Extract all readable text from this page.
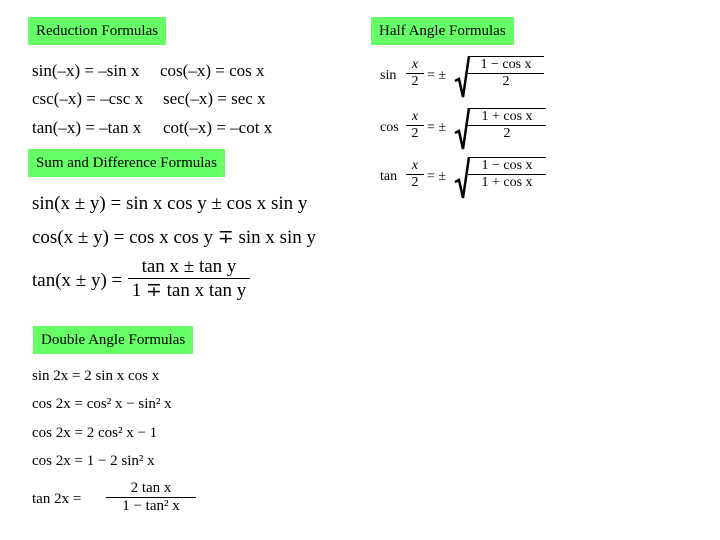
Reduction Formulas
Sum and Difference Formulas
Double Angle Formulas
Half Angle Formulas
sin(–x) = –sin x cos(–x) = cos x
csc(–x) = –csc x sec(–x) = sec x
tan(–x) = –tan x cot(–x) = –cot x
sin(x ± y) = sin x cos y ± cos x sin y
cos(x ± y) = cos x cos y ∓ sin x sin y
tan(x ± y) =
tan x ± tan y
1 ∓ tan x tan y
sin 2x = 2 sin x cos x
cos 2x = cos² x − sin² x
cos 2x = 2 cos² x − 1
cos 2x = 1 − 2 sin² x
tan 2x =
2 tan x
1 − tan² x
sin
x
2 = ±
1 − cos x
2
cos
x
2 = ±
1 + cos x
2
tan
x
2 = ±
1 − cos x
1 + cos x
